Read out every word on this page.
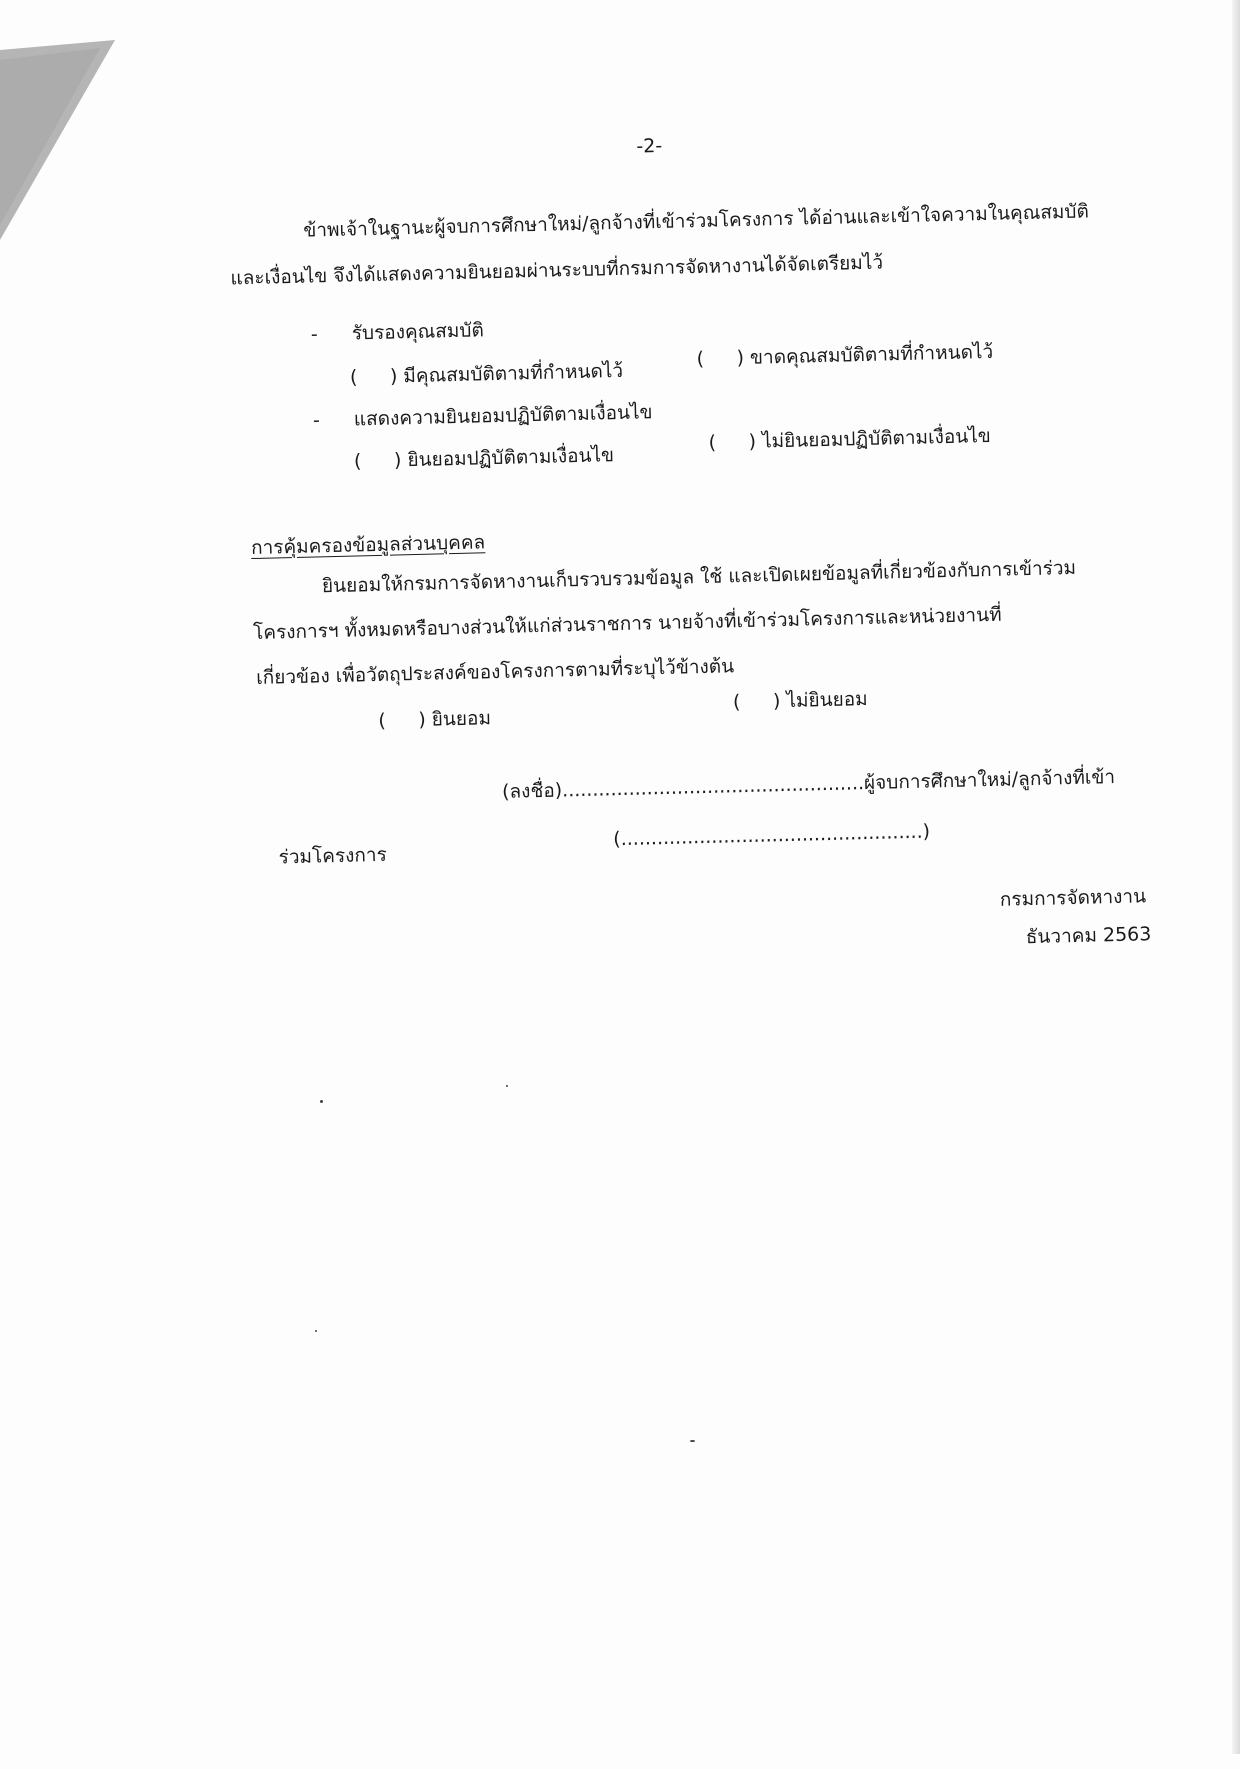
-2-
ข้าพเจ้าในฐานะผู้จบการศึกษาใหม่/ลูกจ้างที่เข้าร่วมโครงการ ได้อ่านและเข้าใจความในคุณสมบัติ
และเงื่อนไข จึงได้แสดงความยินยอมผ่านระบบที่กรมการจัดหางานได้จัดเตรียมไว้
- รับรองคุณสมบัติ
( ) มีคุณสมบัติตามที่กำหนดไว้
( ) ขาดคุณสมบัติตามที่กำหนดไว้
- แสดงความยินยอมปฏิบัติตามเงื่อนไข
( ) ยินยอมปฏิบัติตามเงื่อนไข
( ) ไม่ยินยอมปฏิบัติตามเงื่อนไข
การคุ้มครองข้อมูลส่วนบุคคล
ยินยอมให้กรมการจัดหางานเก็บรวบรวมข้อมูล ใช้ และเปิดเผยข้อมูลที่เกี่ยวข้องกับการเข้าร่วม
โครงการฯ ทั้งหมดหรือบางส่วนให้แก่ส่วนราชการ นายจ้างที่เข้าร่วมโครงการและหน่วยงานที่
เกี่ยวข้อง เพื่อวัตถุประสงค์ของโครงการตามที่ระบุไว้ข้างต้น
( ) ยินยอม
( ) ไม่ยินยอม
(ลงชื่อ)..................................................ผู้จบการศึกษาใหม่/ลูกจ้างที่เข้า
ร่วมโครงการ
(..................................................)
กรมการจัดหางาน
ธันวาคม 2563
